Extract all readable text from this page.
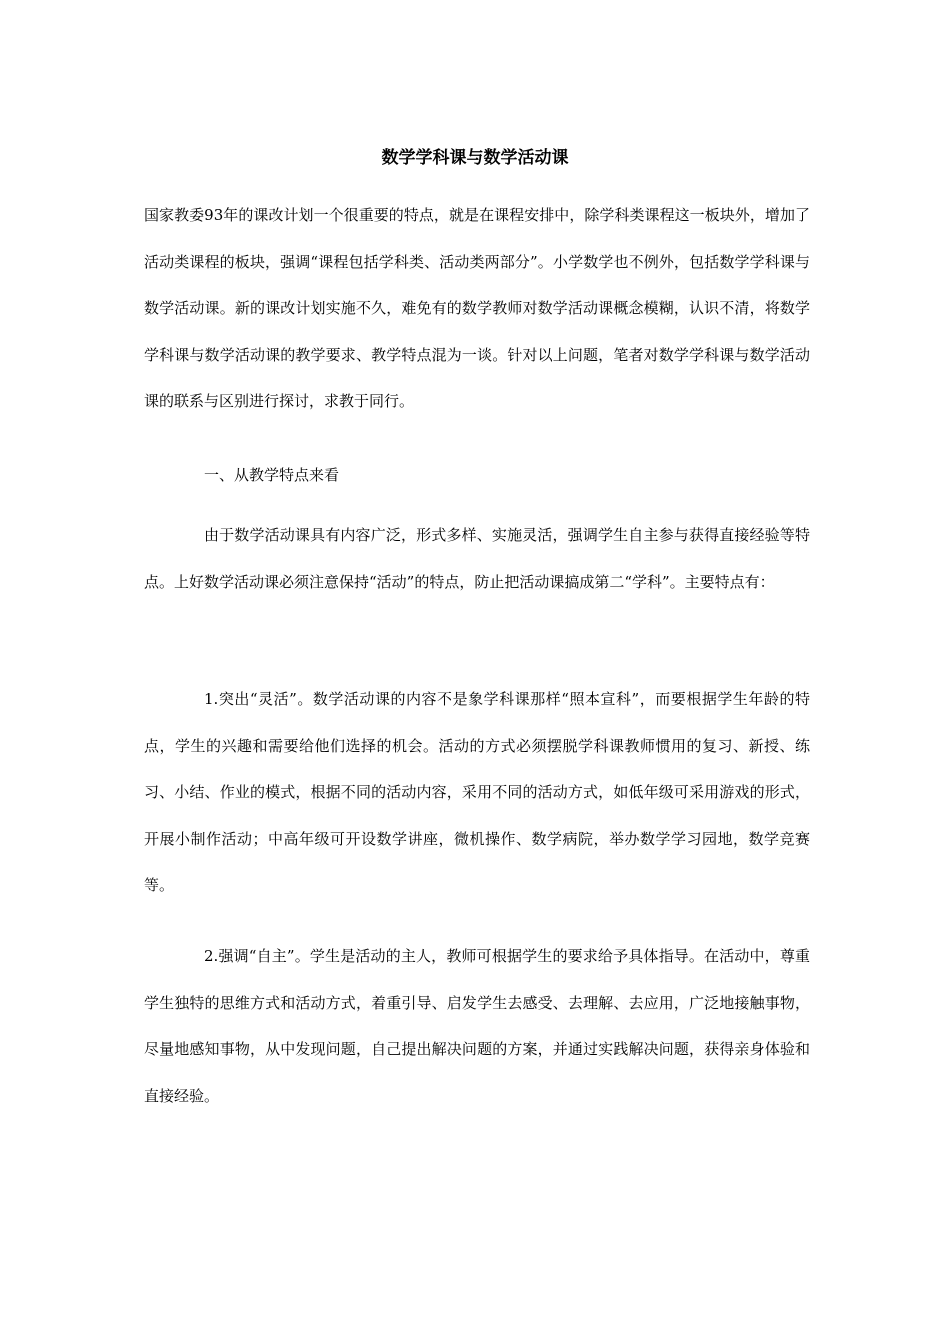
数学学科课与数学活动课

国家教委93年的课改计划一个很重要的特点，就是在课程安排中，除学科类课程这一板块外，增加了活动类课程的板块，强调“课程包括学科类、活动类两部分”。小学数学也不例外，包括数学学科课与数学活动课。新的课改计划实施不久，难免有的数学教师对数学活动课概念模糊，认识不清，将数学学科课与数学活动课的教学要求、教学特点混为一谈。针对以上问题，笔者对数学学科课与数学活动课的联系与区别进行探讨，求教于同行。

一、从教学特点来看

由于数学活动课具有内容广泛，形式多样、实施灵活，强调学生自主参与获得直接经验等特点。上好数学活动课必须注意保持“活动”的特点，防止把活动课搞成第二“学科”。主要特点有：

1.突出“灵活”。数学活动课的内容不是象学科课那样“照本宣科”，而要根据学生年龄的特点，学生的兴趣和需要给他们选择的机会。活动的方式必须摆脱学科课教师惯用的复习、新授、练习、小结、作业的模式，根据不同的活动内容，采用不同的活动方式，如低年级可采用游戏的形式，开展小制作活动；中高年级可开设数学讲座，微机操作、数学病院，举办数学学习园地，数学竞赛等。

2.强调“自主”。学生是活动的主人，教师可根据学生的要求给予具体指导。在活动中，尊重学生独特的思维方式和活动方式，着重引导、启发学生去感受、去理解、去应用，广泛地接触事物，尽量地感知事物，从中发现问题，自己提出解决问题的方案，并通过实践解决问题，获得亲身体验和直接经验。
